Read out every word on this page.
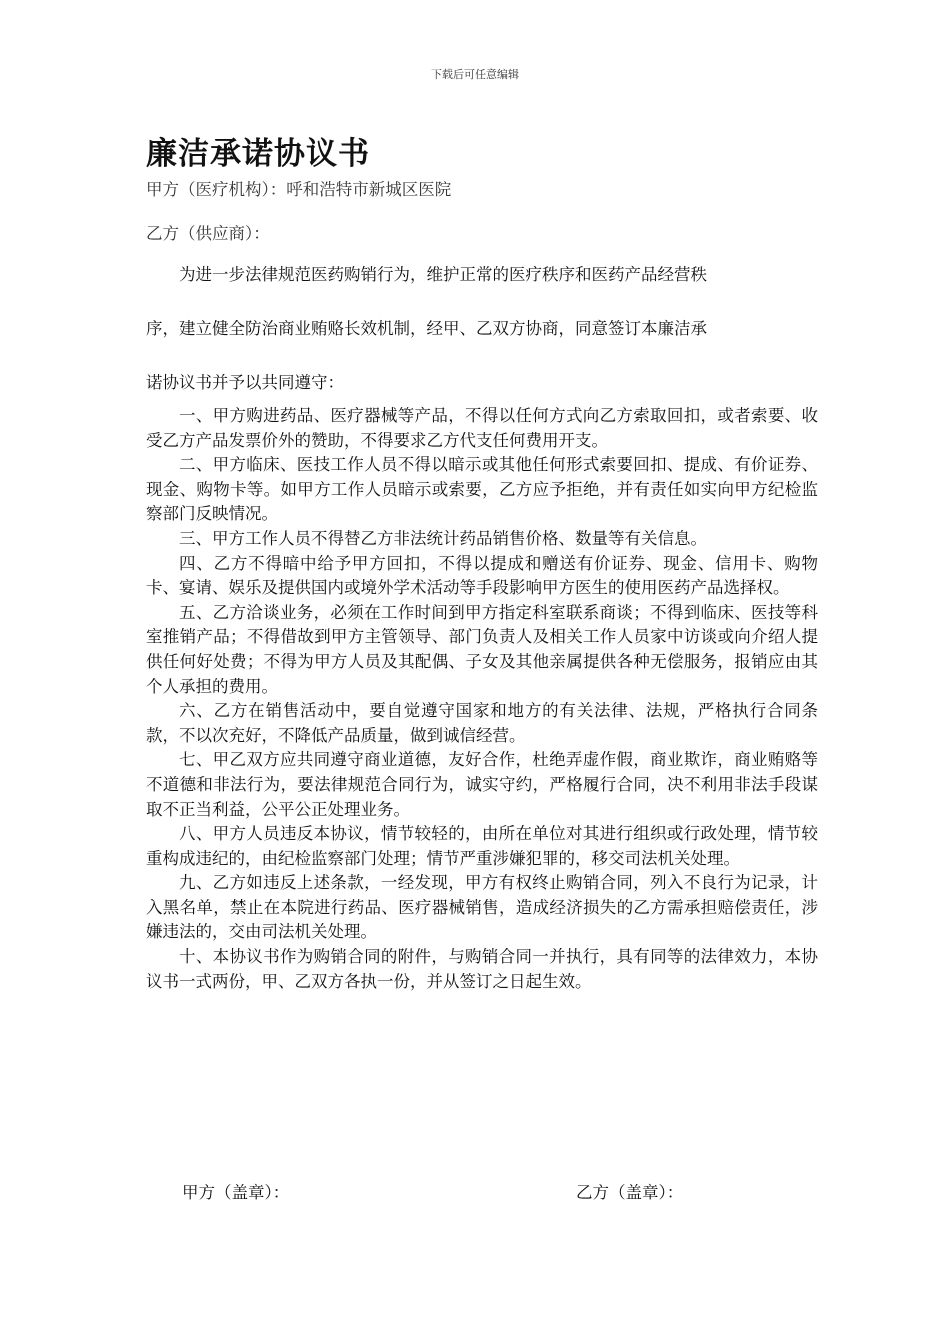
下载后可任意编辑
廉洁承诺协议书
甲方（医疗机构）：呼和浩特市新城区医院
乙方（供应商）：
为进一步法律规范医药购销行为，维护正常的医疗秩序和医药产品经营秩
序，建立健全防治商业贿赂长效机制，经甲、乙双方协商，同意签订本廉洁承
诺协议书并予以共同遵守：

一、甲方购进药品、医疗器械等产品，不得以任何方式向乙方索取回扣，或者索要、收受乙方产品发票价外的赞助，不得要求乙方代支任何费用开支。

二、甲方临床、医技工作人员不得以暗示或其他任何形式索要回扣、提成、有价证券、现金、购物卡等。如甲方工作人员暗示或索要，乙方应予拒绝，并有责任如实向甲方纪检监察部门反映情况。

三、甲方工作人员不得替乙方非法统计药品销售价格、数量等有关信息。

四、乙方不得暗中给予甲方回扣，不得以提成和赠送有价证券、现金、信用卡、购物卡、宴请、娱乐及提供国内或境外学术活动等手段影响甲方医生的使用医药产品选择权。

五、乙方洽谈业务，必须在工作时间到甲方指定科室联系商谈；不得到临床、医技等科室推销产品；不得借故到甲方主管领导、部门负责人及相关工作人员家中访谈或向介绍人提供任何好处费；不得为甲方人员及其配偶、子女及其他亲属提供各种无偿服务，报销应由其个人承担的费用。

六、乙方在销售活动中，要自觉遵守国家和地方的有关法律、法规，严格执行合同条款，不以次充好，不降低产品质量，做到诚信经营。

七、甲乙双方应共同遵守商业道德，友好合作，杜绝弄虚作假，商业欺诈，商业贿赂等不道德和非法行为，要法律规范合同行为，诚实守约，严格履行合同，决不利用非法手段谋取不正当利益，公平公正处理业务。

八、甲方人员违反本协议，情节较轻的，由所在单位对其进行组织或行政处理，情节较重构成违纪的，由纪检监察部门处理；情节严重涉嫌犯罪的，移交司法机关处理。

九、乙方如违反上述条款，一经发现，甲方有权终止购销合同，列入不良行为记录，计入黑名单，禁止在本院进行药品、医疗器械销售，造成经济损失的乙方需承担赔偿责任，涉嫌违法的，交由司法机关处理。

十、本协议书作为购销合同的附件，与购销合同一并执行，具有同等的法律效力，本协议书一式两份，甲、乙双方各执一份，并从签订之日起生效。

甲方（盖章）：	乙方（盖章）：
